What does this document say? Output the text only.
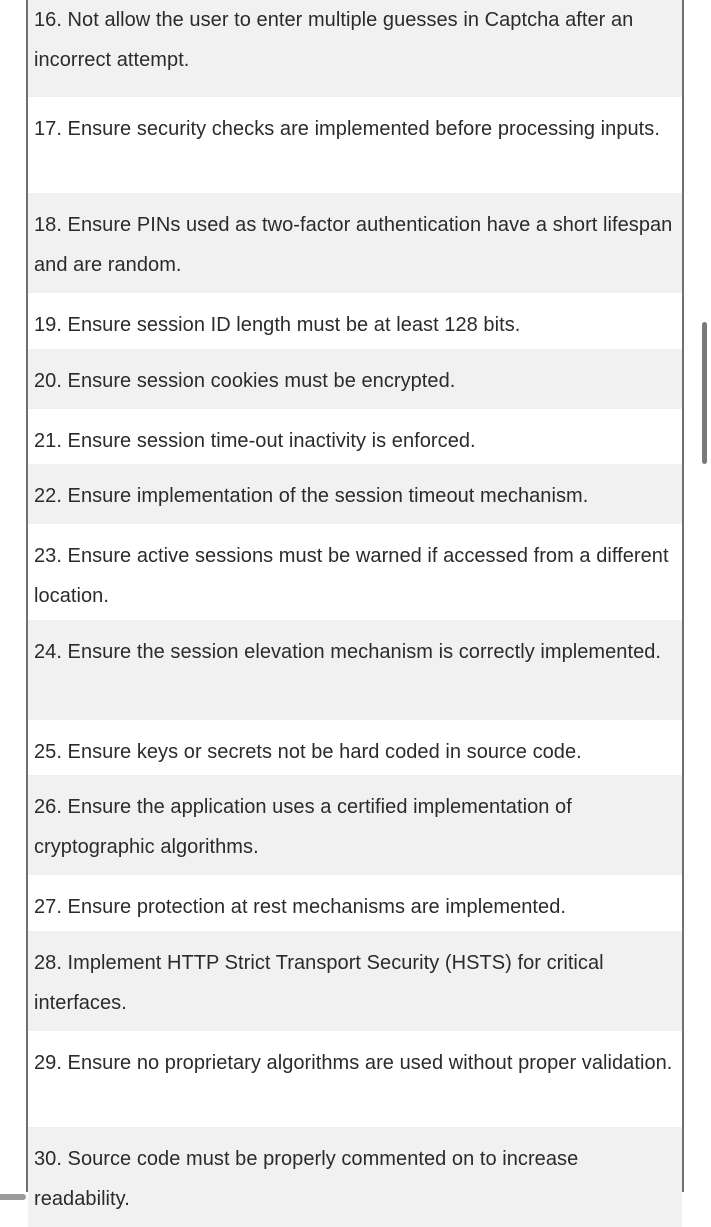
16. Not allow the user to enter multiple guesses in Captcha after an incorrect attempt.
17. Ensure security checks are implemented before processing inputs.
18. Ensure PINs used as two-factor authentication have a short lifespan and are random.
19. Ensure session ID length must be at least 128 bits.
20. Ensure session cookies must be encrypted.
21. Ensure session time-out inactivity is enforced.
22. Ensure implementation of the session timeout mechanism.
23. Ensure active sessions must be warned if accessed from a different location.
24. Ensure the session elevation mechanism is correctly implemented.
25. Ensure keys or secrets not be hard coded in source code.
26. Ensure the application uses a certified implementation of cryptographic algorithms.
27. Ensure protection at rest mechanisms are implemented.
28. Implement HTTP Strict Transport Security (HSTS) for critical interfaces.
29. Ensure no proprietary algorithms are used without proper validation.
30. Source code must be properly commented on to increase readability.
